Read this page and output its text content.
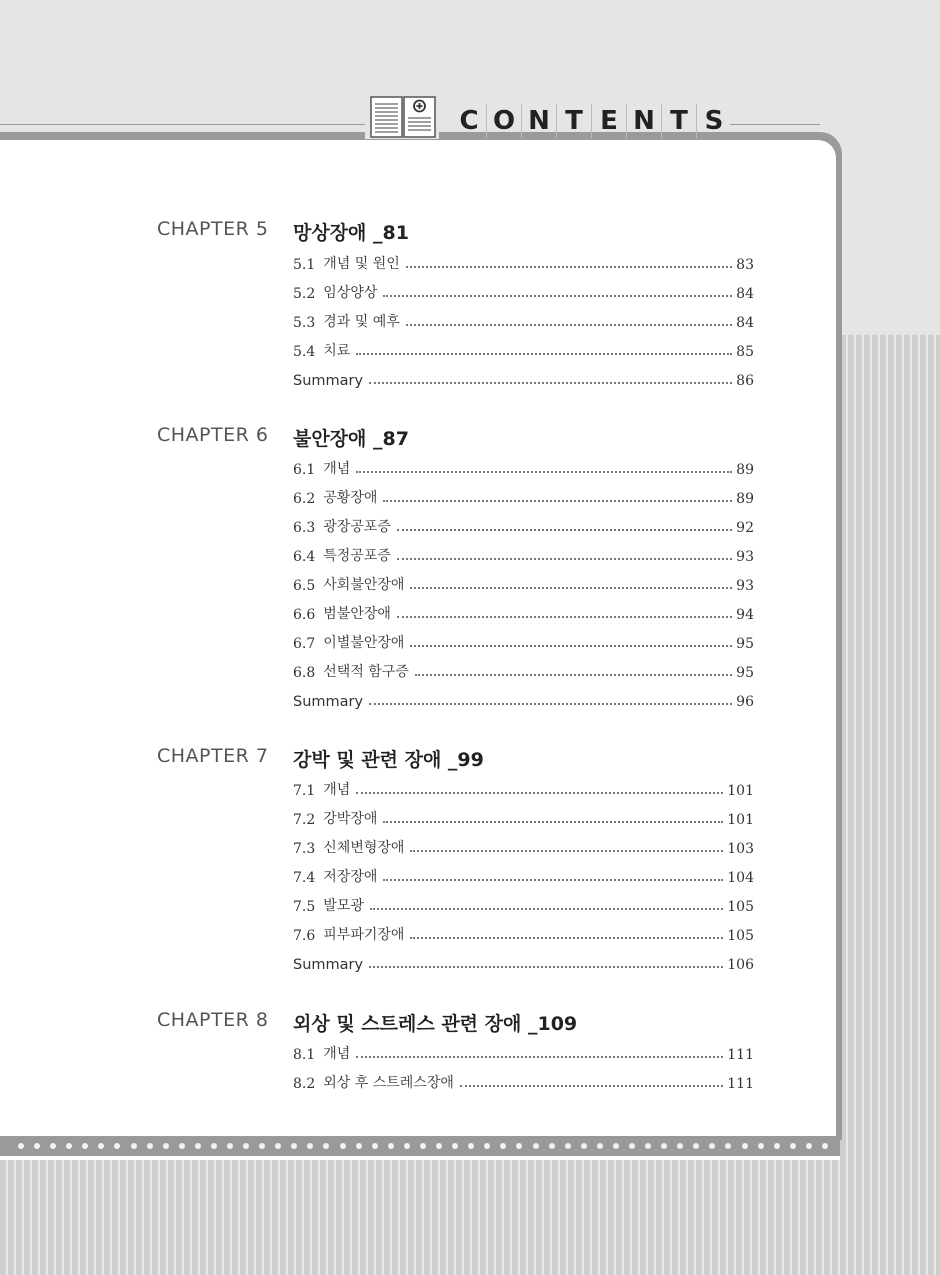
C O N T E N T S
CHAPTER 5 망상장애 _81
5.1 개념 및 원인	83
5.2 임상양상	84
5.3 경과 및 예후	84
5.4 치료	85
Summary	86
CHAPTER 6 불안장애 _87
6.1 개념	89
6.2 공황장애	89
6.3 광장공포증	92
6.4 특정공포증	93
6.5 사회불안장애	93
6.6 범불안장애	94
6.7 이별불안장애	95
6.8 선택적 함구증	95
Summary	96
CHAPTER 7 강박 및 관련 장애 _99
7.1 개념	101
7.2 강박장애	101
7.3 신체변형장애	103
7.4 저장장애	104
7.5 발모광	105
7.6 피부파기장애	105
Summary	106
CHAPTER 8 외상 및 스트레스 관련 장애 _109
8.1 개념	111
8.2 외상 후 스트레스장애	111
